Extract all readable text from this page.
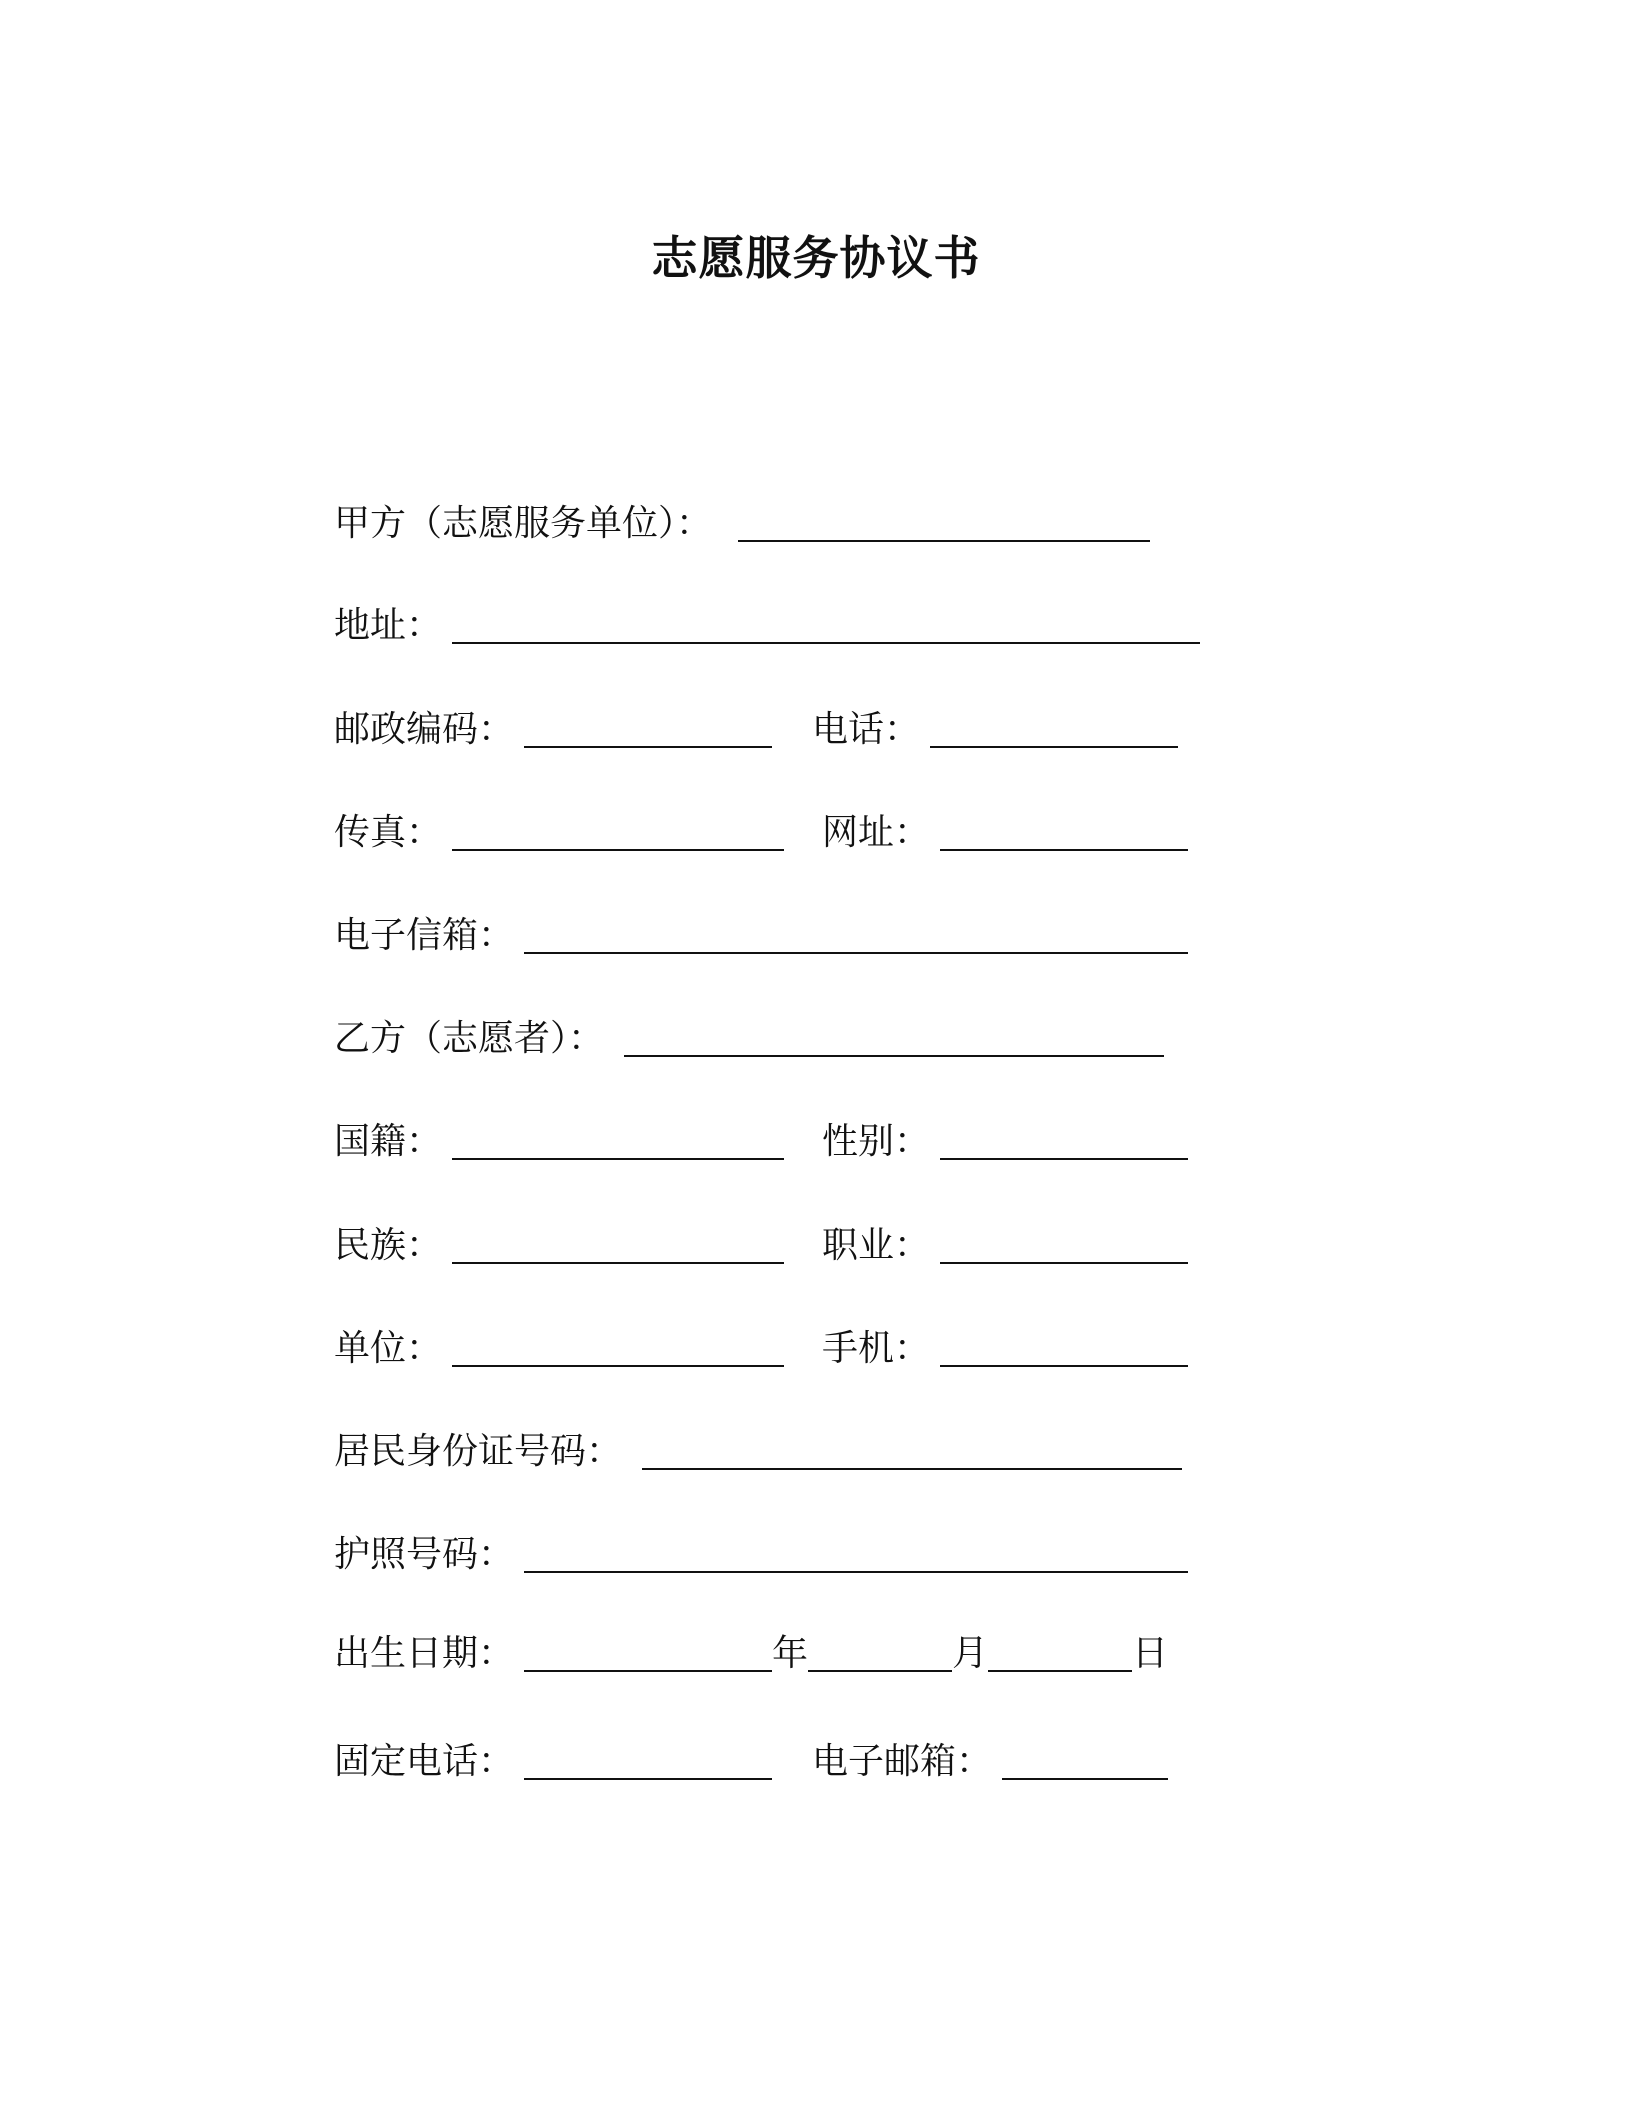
志愿服务协议书
甲方（志愿服务单位）：
地址：
邮政编码：	电话：
传真：	网址：
电子信箱：
乙方（志愿者）：
国籍：	性别：
民族：	职业：
单位：	手机：
居民身份证号码：
护照号码：
出生日期：	年	月	日
固定电话：	电子邮箱：
